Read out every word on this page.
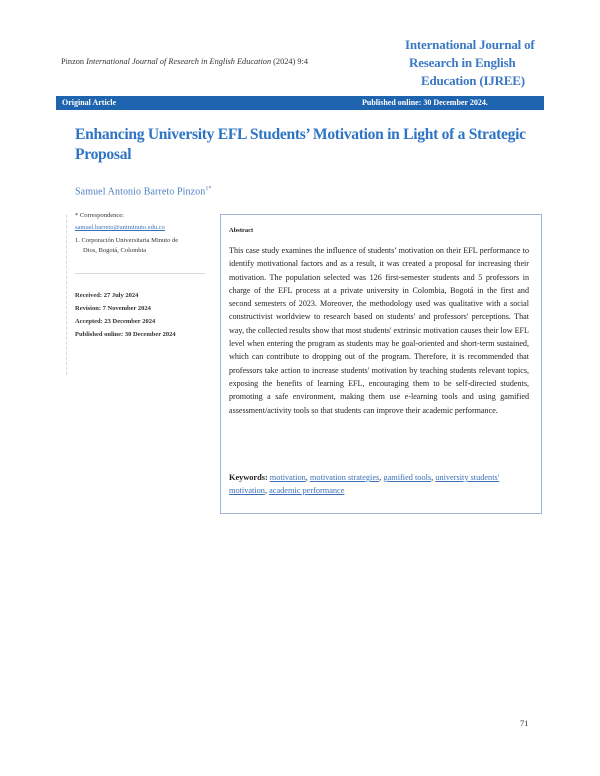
Pinzon International Journal of Research in English Education (2024) 9:4
International Journal of
Research in English
Education (IJREE)
Original Article	Published online: 30 December 2024.
Enhancing University EFL Students’ Motivation in Light of a Strategic Proposal
Samuel Antonio Barreto Pinzon$^{1*}$
* Correspondence:
samuel.barreto@uniminuto.edu.co
1. Corporación Universitaria Minuto de
Dios, Bogotá, Colombia
Received: 27 July 2024
Revision: 7 November 2024
Accepted: 23 December 2024
Published online: 30 December 2024
Abstract
This case study examines the influence of students’ motivation on their EFL performance to identify motivational factors and as a result, it was created a proposal for increasing their motivation. The population selected was 126 first-semester students and 5 professors in charge of the EFL process at a private university in Colombia, Bogotá in the first and second semesters of 2023. Moreover, the methodology used was qualitative with a social constructivist worldview to research based on students' and professors' perceptions. That way, the collected results show that most students' extrinsic motivation causes their low EFL level when entering the program as students may be goal-oriented and short-term sustained, which can contribute to dropping out of the program. Therefore, it is recommended that professors take action to increase students' motivation by teaching students relevant topics, exposing the benefits of learning EFL, encouraging them to be self-directed students, promoting a safe environment, making them use e-learning tools and using gamified assessment/activity tools so that students can improve their academic performance.
Keywords: motivation, motivation strategies, gamified tools, university students' motivation, academic performance
71
